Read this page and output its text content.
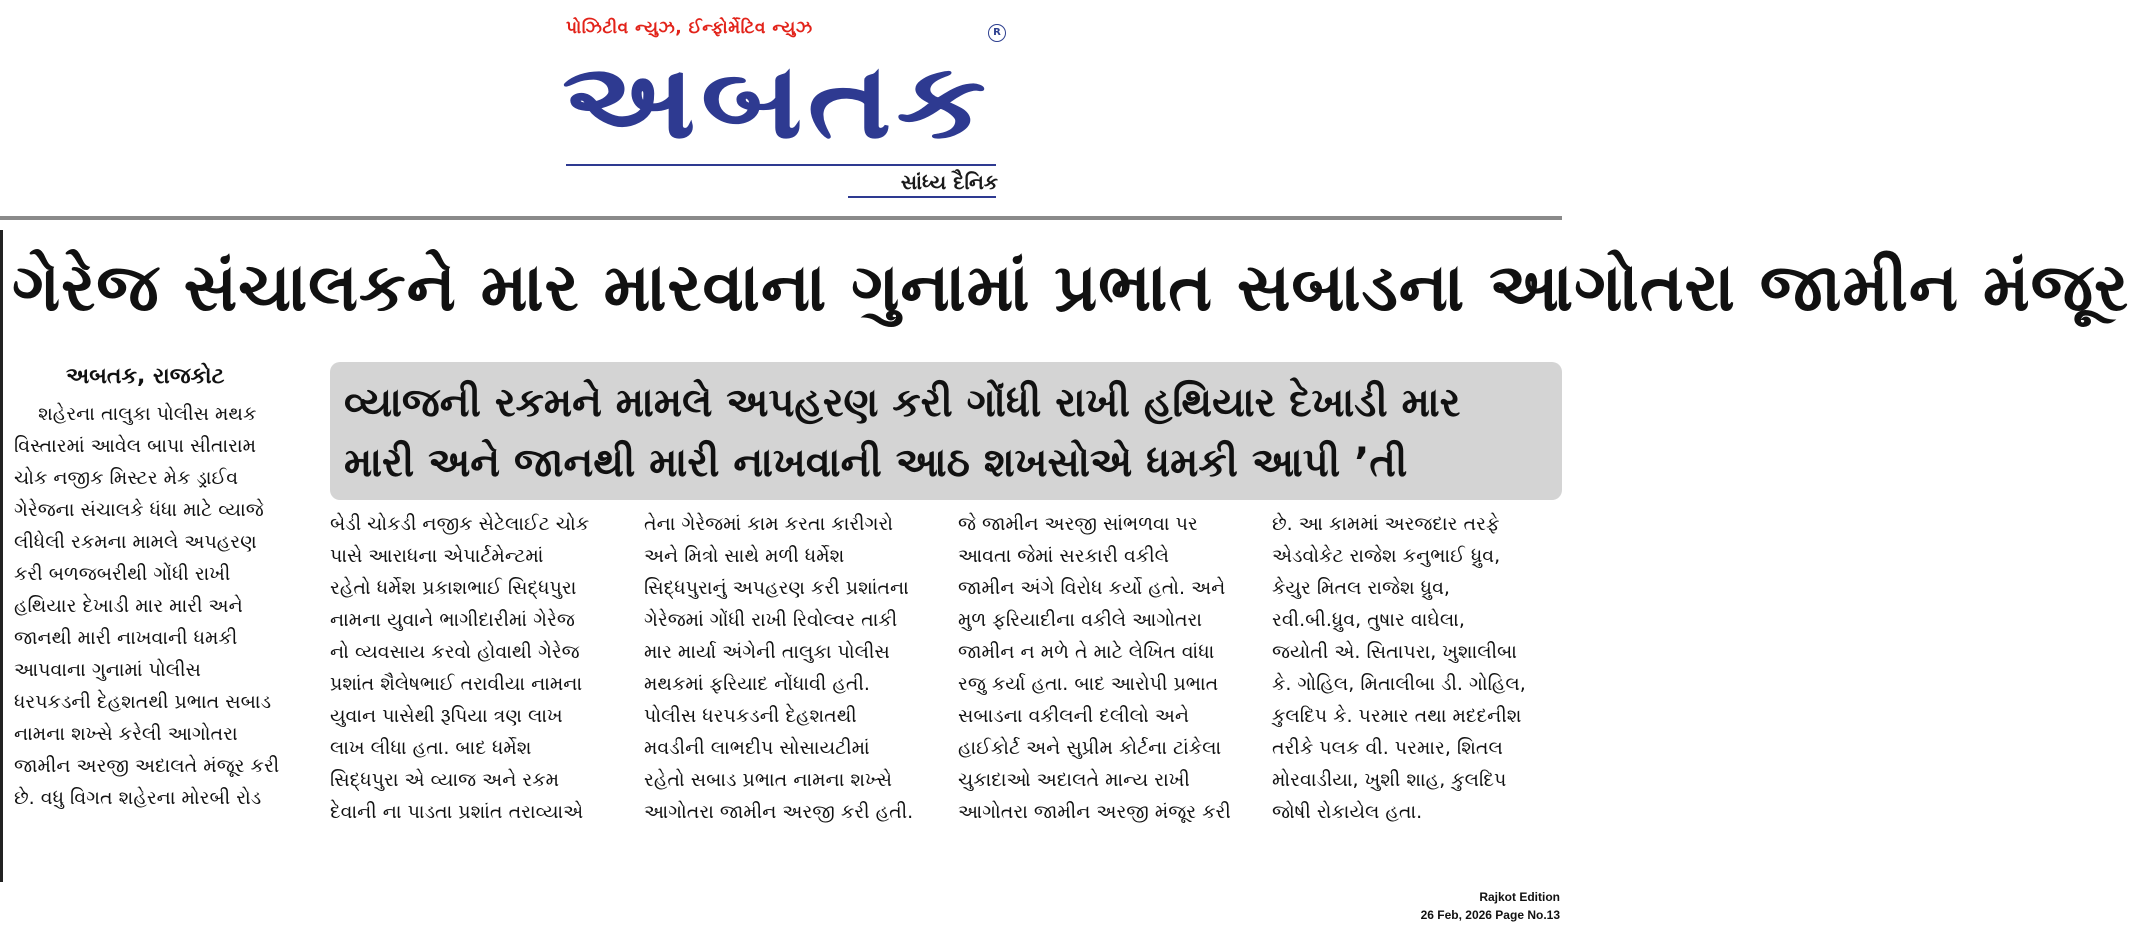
પોઝિટીવ ન્યુઝ, ઈન્ફોર્મેટિવ ન્યુઝ	R
અબતક
સાંધ્ય દૈનિક
ગેરેજ સંચાલકને માર મારવાના ગુનામાં પ્રભાત સબાડના આગોતરા જામીન મંજૂર
અબતક, રાજકોટ
વ્યાજની રકમને મામલે અપહરણ કરી ગોંધી રાખી હથિયાર દેખાડી માર
મારી અને જાનથી મારી નાખવાની આઠ શખસોએ ધમકી આપી ’તી
શહેરના તાલુકા પોલીસ મથક
વિસ્તારમાં આવેલ બાપા સીતારામ
ચોક નજીક મિસ્ટર મેક ડ્રાઈવ
ગેરેજના સંચાલકે ધંધા માટે વ્યાજે
લીધેલી રકમના મામલે અપહરણ
કરી બળજબરીથી ગોંધી રાખી
હથિયાર દેખાડી માર મારી અને
જાનથી મારી નાખવાની ધમકી
આપવાના ગુનામાં પોલીસ
ધરપકડની દેહશતથી પ્રભાત સબાડ
નામના શખ્સે કરેલી આગોતરા
જામીન અરજી અદાલતે મંજૂર કરી
છે. વધુ વિગત શહેરના મોરબી રોડ
બેડી ચોકડી નજીક સેટેલાઈટ ચોક
પાસે આરાધના એપાર્ટમેન્ટમાં
રહેતો ધર્મેશ પ્રકાશભાઈ સિદ્ધપુરા
નામના યુવાને ભાગીદારીમાં ગેરેજ
નો વ્યવસાય કરવો હોવાથી ગેરેજ
પ્રશાંત શૈલેષભાઈ તરાવીયા નામના
યુવાન પાસેથી રૂપિયા ત્રણ લાખ
લાખ લીધા હતા. બાદ ધર્મેશ
સિદ્ધપુરા એ વ્યાજ અને રકમ
દેવાની ના પાડતા પ્રશાંત તરાવ્યાએ
તેના ગેરેજમાં કામ કરતા કારીગરો
અને મિત્રો સાથે મળી ધર્મેશ
સિદ્ધપુરાનું અપહરણ કરી પ્રશાંતના
ગેરેજમાં ગોંધી રાખી રિવોલ્વર તાકી
માર માર્યા અંગેની તાલુકા પોલીસ
મથકમાં ફરિયાદ નોંધાવી હતી.
પોલીસ ધરપકડની દેહશતથી
મવડીની લાભદીપ સોસાયટીમાં
રહેતો સબાડ પ્રભાત નામના શખ્સે
આગોતરા જામીન અરજી કરી હતી.
જે જામીન અરજી સાંભળવા પર
આવતા જેમાં સરકારી વકીલે
જામીન અંગે વિરોધ કર્યો હતો. અને
મુળ ફરિયાદીના વકીલે આગોતરા
જામીન ન મળે તે માટે લેખિત વાંધા
રજુ કર્યા હતા. બાદ આરોપી પ્રભાત
સબાડના વકીલની દલીલો અને
હાઈકોર્ટ અને સુપ્રીમ કોર્ટના ટાંકેલા
ચુકાદાઓ અદાલતે માન્ય રાખી
આગોતરા જામીન અરજી મંજૂર કરી
છે. આ કામમાં અરજદાર તરફે
એડવોકેટ રાજેશ કનુભાઈ ધ્રુવ,
કેયુર મિતલ રાજેશ ધ્રુવ,
રવી.બી.ધ્રુવ, તુષાર વાઘેલા,
જયોતી એ. સિતાપરા, ખુશાલીબા
કે. ગોહિલ, મિતાલીબા ડી. ગોહિલ,
કુલદિપ કે. પરમાર તથા મદદનીશ
તરીકે પલક વી. પરમાર, શિતલ
મોરવાડીયા, ખુશી શાહ, કુલદિપ
જોષી રોકાયેલ હતા.
Rajkot Edition
26 Feb, 2026 Page No.13
